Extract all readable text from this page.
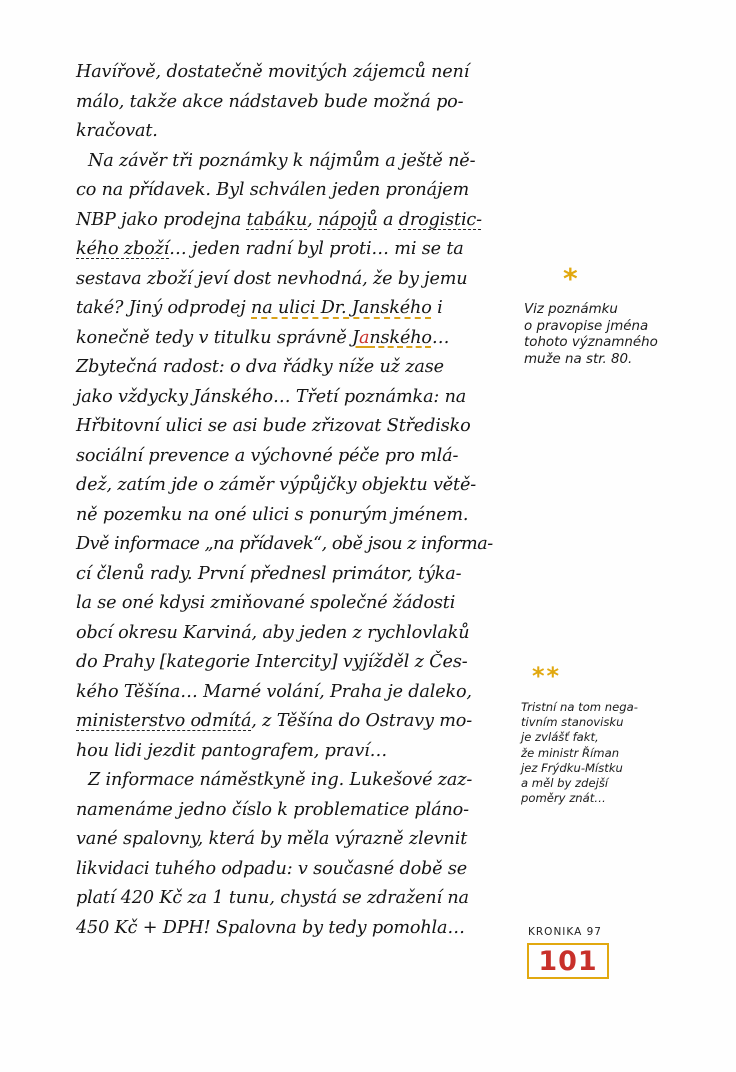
Havířově, dostatečně movitých zájemců není
málo, takže akce nádstaveb bude možná po-
kračovat.
Na závěr tři poznámky k nájmům a ještě ně-
co na přídavek. Byl schválen jeden pronájem
NBP jako prodejna tabáku, nápojů a drogistic-
kého zboží… jeden radní byl proti… mi se ta
sestava zboží jeví dost nevhodná, že by jemu
také? Jiný odprodej na ulici Dr. Janského i
konečně tedy v titulku správně Janského…
Zbytečná radost: o dva řádky níže už zase
jako vždycky Jánského… Třetí poznámka: na
Hřbitovní ulici se asi bude zřizovat Středisko
sociální prevence a výchovné péče pro mlá-
dež, zatím jde o záměr výpůjčky objektu větě-
ně pozemku na oné ulici s ponurým jménem.
Dvě informace „na přídavek“, obě jsou z informa-
cí členů rady. První přednesl primátor, týka-
la se oné kdysi zmiňované společné žádosti
obcí okresu Karviná, aby jeden z rychlovlaků
do Prahy [kategorie Intercity] vyjížděl z Čes-
kého Těšína… Marné volání, Praha je daleko,
ministerstvo odmítá, z Těšína do Ostravy mo-
hou lidi jezdit pantografem, praví…
Z informace náměstkyně ing. Lukešové zaz-
namenáme jedno číslo k problematice pláno-
vané spalovny, která by měla výrazně zlevnit
likvidaci tuhého odpadu: v současné době se
platí 420 Kč za 1 tunu, chystá se zdražení na
450 Kč + DPH! Spalovna by tedy pomohla…
*
Viz poznámku
o pravopise jména
tohoto významného
muže na str. 80.
**
Tristní na tom nega-
tivním stanovisku
je zvlášť fakt,
že ministr Říman
jez Frýdku-Místku
a měl by zdejší
poměry znát…
KRONIKA 97
101
